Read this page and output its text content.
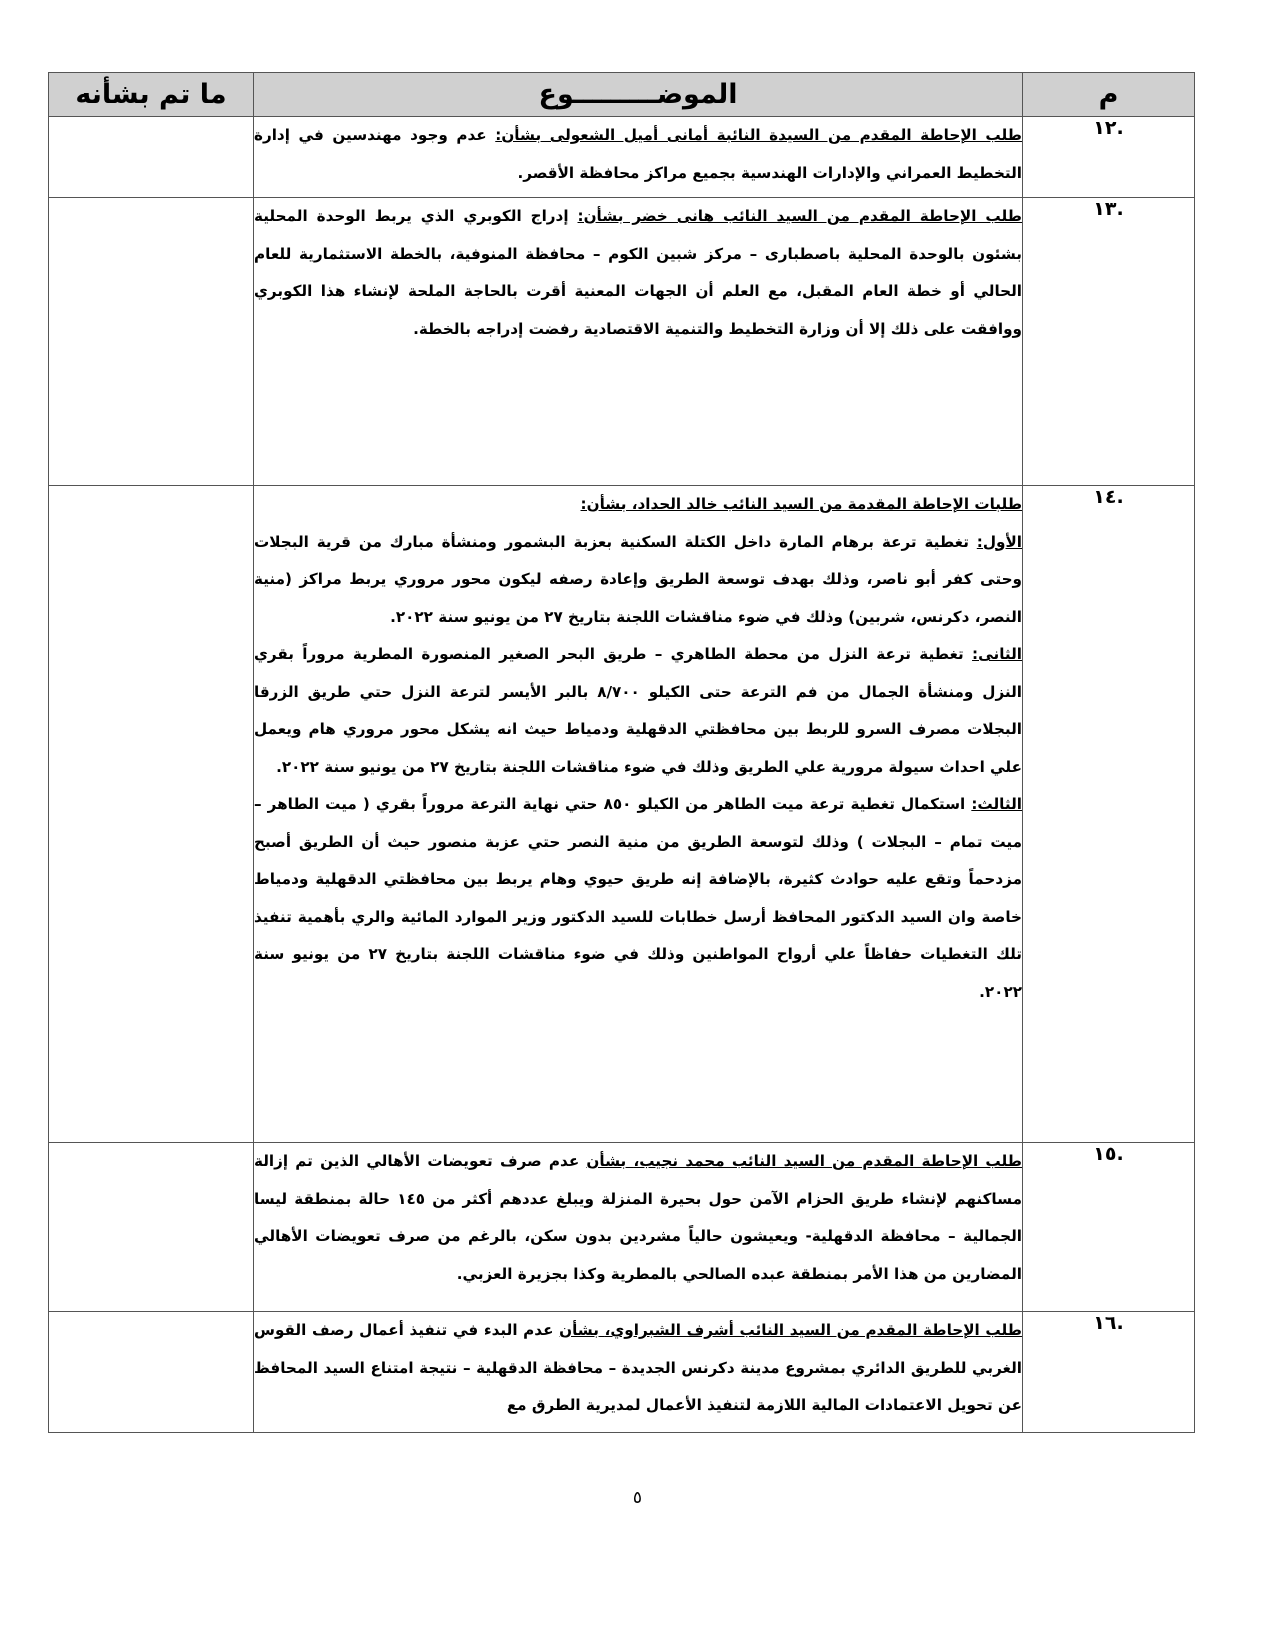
م	الموضـــــــــوع	ما تم بشأنه
.١٢	طلب الإحاطة المقدم من السيدة النائبة أمانى أميل الشعولى بشأن: عدم وجود مهندسين في إدارة التخطيط العمراني والإدارات الهندسية بجميع مراكز محافظة الأقصر.	

.١٣	طلب الإحاطة المقدم من السيد النائب هانى خضر بشأن: إدراج الكوبري الذي يربط الوحدة المحلية بشئون بالوحدة المحلية باصطبارى – مركز شبين الكوم – محافظة المنوفية، بالخطة الاستثمارية للعام الحالي أو خطة العام المقبل، مع العلم أن الجهات المعنية أقرت بالحاجة الملحة لإنشاء هذا الكوبري ووافقت على ذلك إلا أن وزارة التخطيط والتنمية الاقتصادية رفضت إدراجه بالخطة.	

.١٤	طلبات الإحاطة المقدمة من السيد النائب خالد الحداد، بشأن:

الأول: تغطية ترعة برهام المارة داخل الكتلة السكنية بعزبة البشمور ومنشأة مبارك من قرية البجلات وحتى كفر أبو ناصر، وذلك بهدف توسعة الطريق وإعادة رصفه ليكون محور مروري يربط مراكز (منية النصر، دكرنس، شربين) وذلك في ضوء مناقشات اللجنة بتاريخ ٢٧ من يونيو سنة ٢٠٢٢.

الثانى: تغطية ترعة النزل من محطة الطاهري – طريق البحر الصغير المنصورة المطرية مروراً بقري النزل ومنشأة الجمال من فم الترعة حتى الكيلو ٨/٧٠٠ بالبر الأيسر لترعة النزل حتي طريق الزرقا البجلات مصرف السرو للربط بين محافظتي الدقهلية ودمياط حيث انه يشكل محور مروري هام ويعمل علي احداث سيولة مرورية علي الطريق وذلك في ضوء مناقشات اللجنة بتاريخ ٢٧ من يونيو سنة ٢٠٢٢.

الثالث: استكمال تغطية ترعة ميت الطاهر من الكيلو ٨٥٠ حتي نهاية الترعة مروراً بقري ( ميت الطاهر – ميت تمام – البجلات ) وذلك لتوسعة الطريق من منية النصر حتي عزبة منصور حيث أن الطريق أصبح مزدحماً وتقع عليه حوادث كثيرة، بالإضافة إنه طريق حيوي وهام يربط بين محافظتي الدقهلية ودمياط خاصة وان السيد الدكتور المحافظ أرسل خطابات للسيد الدكتور وزير الموارد المائية والري بأهمية تنفيذ تلك التغطيات حفاظاً علي أرواح المواطنين وذلك في ضوء مناقشات اللجنة بتاريخ ٢٧ من يونيو سنة ٢٠٢٢.	

.١٥	طلب الإحاطة المقدم من السيد النائب محمد نجيب، بشأن عدم صرف تعويضات الأهالي الذين تم إزالة مساكنهم لإنشاء طريق الحزام الآمن حول بحيرة المنزلة ويبلغ عددهم أكثر من ١٤٥ حالة بمنطقة ليسا الجمالية – محافظة الدقهلية- ويعيشون حالياً مشردين بدون سكن، بالرغم من صرف تعويضات الأهالي المضارين من هذا الأمر بمنطقة عبده الصالحي بالمطرية وكذا بجزيرة العزبي.	

.١٦	طلب الإحاطة المقدم من السيد النائب أشرف الشبراوي، بشأن عدم البدء في تنفيذ أعمال رصف القوس الغربي للطريق الدائري بمشروع مدينة دكرنس الجديدة – محافظة الدقهلية – نتيجة امتناع السيد المحافظ عن تحويل الاعتمادات المالية اللازمة لتنفيذ الأعمال لمديرية الطرق مع	

٥
